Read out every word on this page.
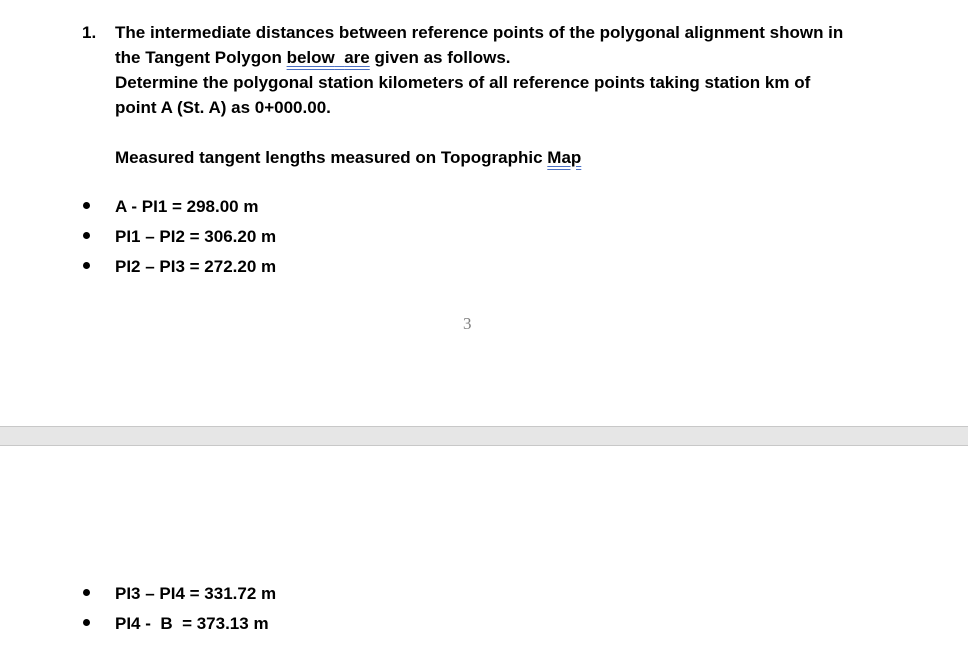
1. The intermediate distances between reference points of the polygonal alignment shown in
the Tangent Polygon below are given as follows.
Determine the polygonal station kilometers of all reference points taking station km of
point A (St. A) as 0+000.00.
Measured tangent lengths measured on Topographic Map
A - PI1 = 298.00 m
PI1 – PI2 = 306.20 m
PI2 – PI3 = 272.20 m
3
PI3 – PI4 = 331.72 m
PI4 -  B  = 373.13 m
